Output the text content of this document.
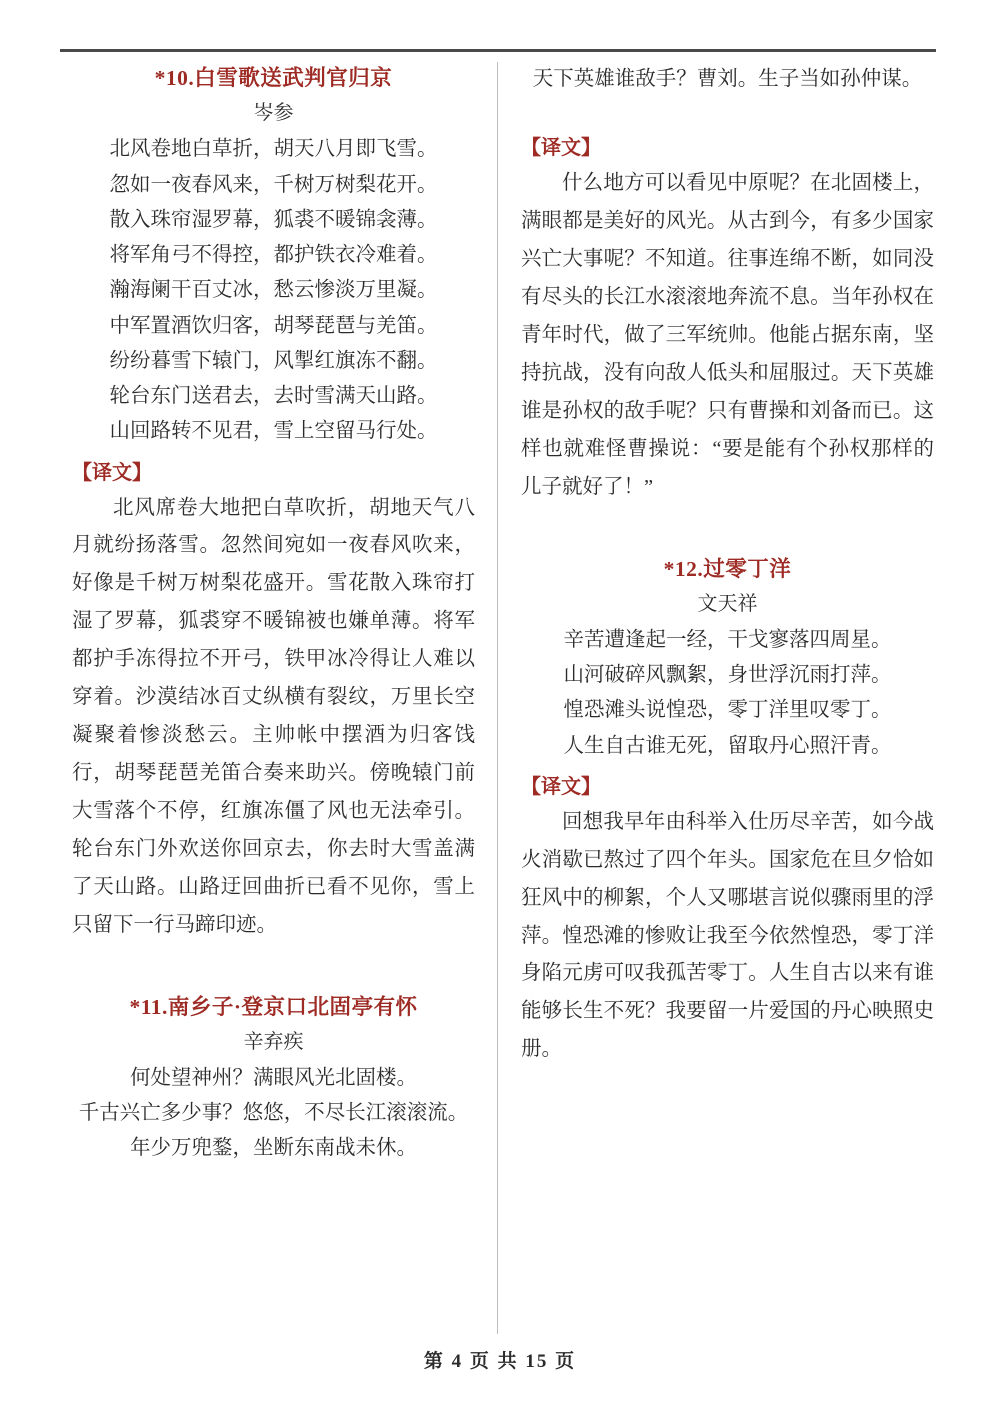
*10.白雪歌送武判官归京

岑参

北风卷地白草折，胡天八月即飞雪。

忽如一夜春风来，千树万树梨花开。

散入珠帘湿罗幕，狐裘不暖锦衾薄。

将军角弓不得控，都护铁衣冷难着。

瀚海阑干百丈冰，愁云惨淡万里凝。

中军置酒饮归客，胡琴琵琶与羌笛。

纷纷暮雪下辕门，风掣红旗冻不翻。

轮台东门送君去，去时雪满天山路。

山回路转不见君，雪上空留马行处。

【译文】

北风席卷大地把白草吹折，胡地天气八月就纷扬落雪。忽然间宛如一夜春风吹来，好像是千树万树梨花盛开。雪花散入珠帘打湿了罗幕，狐裘穿不暖锦被也嫌单薄。将军都护手冻得拉不开弓，铁甲冰冷得让人难以穿着。沙漠结冰百丈纵横有裂纹，万里长空凝聚着惨淡愁云。主帅帐中摆酒为归客饯行，胡琴琵琶羌笛合奏来助兴。傍晚辕门前大雪落个不停，红旗冻僵了风也无法牵引。轮台东门外欢送你回京去，你去时大雪盖满了天山路。山路迂回曲折已看不见你，雪上只留下一行马蹄印迹。

*11.南乡子·登京口北固亭有怀

辛弃疾

何处望神州？满眼风光北固楼。

千古兴亡多少事？悠悠，不尽长江滚滚流。

年少万兜鍪，坐断东南战未休。

天下英雄谁敌手？曹刘。生子当如孙仲谋。

【译文】

什么地方可以看见中原呢？在北固楼上，满眼都是美好的风光。从古到今，有多少国家兴亡大事呢？不知道。往事连绵不断，如同没有尽头的长江水滚滚地奔流不息。当年孙权在青年时代，做了三军统帅。他能占据东南，坚持抗战，没有向敌人低头和屈服过。天下英雄谁是孙权的敌手呢？只有曹操和刘备而已。这样也就难怪曹操说：“要是能有个孙权那样的儿子就好了！”

*12.过零丁洋

文天祥

辛苦遭逢起一经，干戈寥落四周星。

山河破碎风飘絮，身世浮沉雨打萍。

惶恐滩头说惶恐，零丁洋里叹零丁。

人生自古谁无死，留取丹心照汗青。

【译文】

回想我早年由科举入仕历尽辛苦，如今战火消歇已熬过了四个年头。国家危在旦夕恰如狂风中的柳絮，个人又哪堪言说似骤雨里的浮萍。惶恐滩的惨败让我至今依然惶恐，零丁洋身陷元虏可叹我孤苦零丁。人生自古以来有谁能够长生不死？我要留一片爱国的丹心映照史册。

第 4 页 共 15 页
